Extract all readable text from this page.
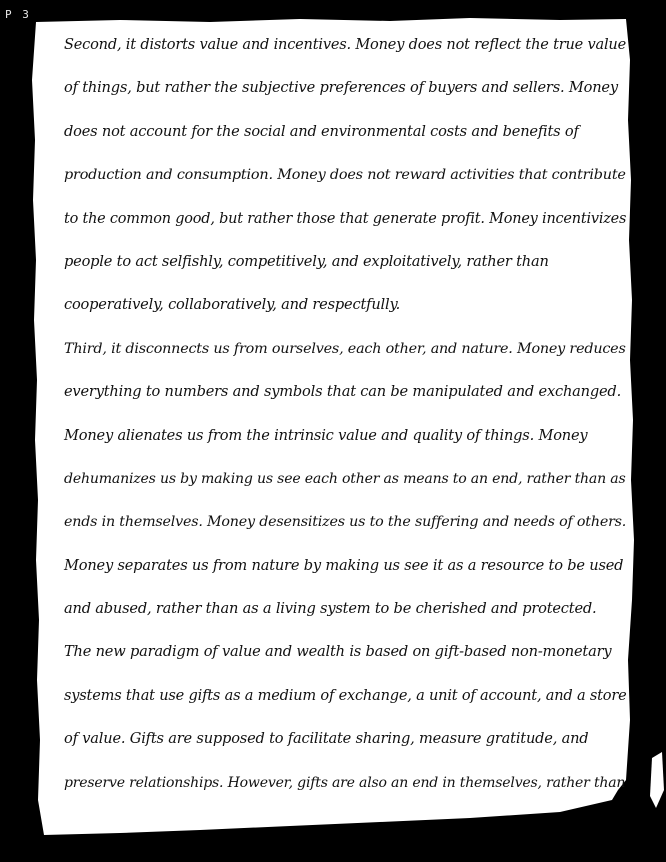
P 3
Second, it distorts value and incentives. Money does not reflect the true value
of things, but rather the subjective preferences of buyers and sellers. Money
does not account for the social and environmental costs and benefits of
production and consumption. Money does not reward activities that contribute
to the common good, but rather those that generate profit. Money incentivizes
people to act selfishly, competitively, and exploitatively, rather than
cooperatively, collaboratively, and respectfully.
Third, it disconnects us from ourselves, each other, and nature. Money reduces
everything to numbers and symbols that can be manipulated and exchanged.
Money alienates us from the intrinsic value and quality of things. Money
dehumanizes us by making us see each other as means to an end, rather than as
ends in themselves. Money desensitizes us to the suffering and needs of others.
Money separates us from nature by making us see it as a resource to be used
and abused, rather than as a living system to be cherished and protected.
The new paradigm of value and wealth is based on gift-based non-monetary
systems that use gifts as a medium of exchange, a unit of account, and a store
of value. Gifts are supposed to facilitate sharing, measure gratitude, and
preserve relationships. However, gifts are also an end in themselves, rather than
